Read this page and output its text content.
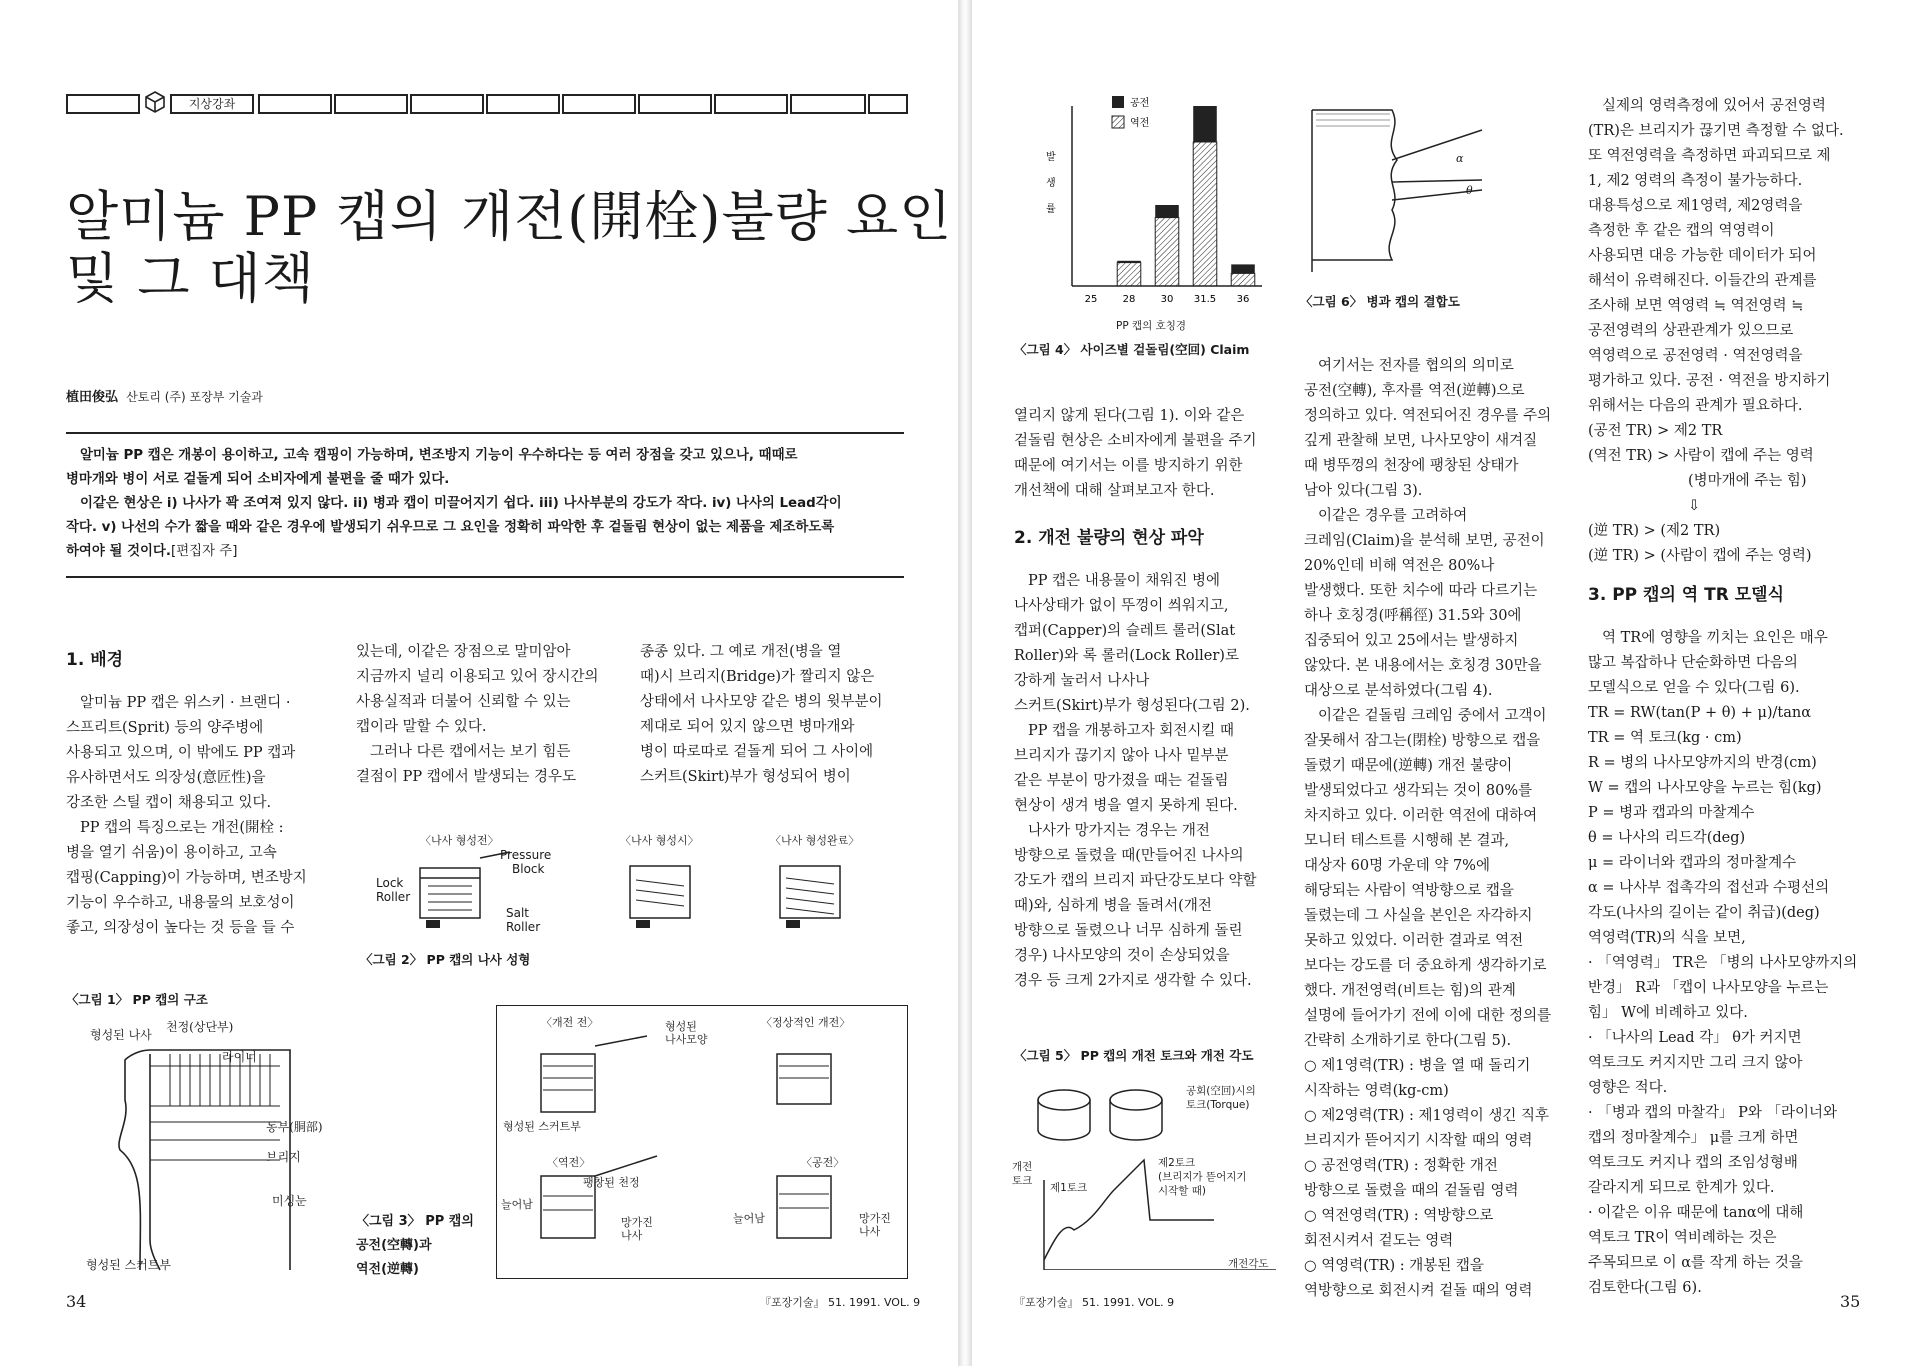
지상강좌
알미늄 PP 캡의 개전(開栓)불량 요인
및 그 대책
植田俊弘 산토리 (주) 포장부 기술과
알미늄 PP 캡은 개봉이 용이하고, 고속 캡핑이 가능하며, 변조방지 기능이 우수하다는 등 여러 장점을 갖고 있으나, 때때로
병마개와 병이 서로 겉돌게 되어 소비자에게 불편을 줄 때가 있다.
이같은 현상은 i) 나사가 꽉 조여져 있지 않다. ii) 병과 캡이 미끌어지기 쉽다. iii) 나사부분의 강도가 작다. iv) 나사의 Lead각이
작다. v) 나선의 수가 짧을 때와 같은 경우에 발생되기 쉬우므로 그 요인을 정확히 파악한 후 겉돌림 현상이 없는 제품을 제조하도록
하여야 될 것이다.[편집자 주]
1. 배경
알미늄 PP 캡은 위스키 · 브랜디 ·
스프리트(Sprit) 등의 양주병에
사용되고 있으며, 이 밖에도 PP 캡과
유사하면서도 의장성(意匠性)을
강조한 스틸 캡이 채용되고 있다.
PP 캡의 특징으로는 개전(開栓 :
병을 열기 쉬움)이 용이하고, 고속
캡핑(Capping)이 가능하며, 변조방지
기능이 우수하고, 내용물의 보호성이
좋고, 의장성이 높다는 것 등을 들 수
있는데, 이같은 장점으로 말미암아
지금까지 널리 이용되고 있어 장시간의
사용실적과 더불어 신뢰할 수 있는
캡이라 말할 수 있다.
그러나 다른 캡에서는 보기 힘든
결점이 PP 캡에서 발생되는 경우도
종종 있다. 그 예로 개전(병을 열
때)시 브리지(Bridge)가 짤리지 않은
상태에서 나사모양 같은 병의 윗부분이
제대로 되어 있지 않으면 병마개와
병이 따로따로 겉돌게 되어 그 사이에
스커트(Skirt)부가 형성되어 병이
〈나사 형성전〉	〈나사 형성시〉	〈나사 형성완료〉
Pressure
Block
Lock
Roller
Salt
Roller
〈그림 2〉 PP 캡의 나사 성형
〈그림 1〉 PP 캡의 구조
형성된 나사
천정(상단부)
라이너
동부(胴部)
브리지
미싱눈
형성된 스커트부
〈개전 전〉	〈정상적인 개전〉
형성된
나사모양
형성된 스커트부
〈역전〉	〈공전〉
팽창된 천정
늘어남
망가진
나사
늘어남	망가진
나사
〈그림 3〉 PP 캡의
공전(空轉)과
역전(逆轉)
34	『포장기술』 51. 1991. VOL. 9
25	28	30 31.5 36
공전
역전
발
생
률
PP 캡의 호칭경
〈그림 4〉 사이즈별 겉돌림(空回) Claim
α
θ
〈그림 6〉 병과 캡의 결합도
열리지 않게 된다(그림 1). 이와 같은
겉돌림 현상은 소비자에게 불편을 주기
때문에 여기서는 이를 방지하기 위한
개선책에 대해 살펴보고자 한다.
2. 개전 불량의 현상 파악
PP 캡은 내용물이 채워진 병에
나사상태가 없이 뚜껑이 씌워지고,
캡퍼(Capper)의 슬레트 롤러(Slat
Roller)와 록 롤러(Lock Roller)로
강하게 눌러서 나사나
스커트(Skirt)부가 형성된다(그림 2).
PP 캡을 개봉하고자 회전시킬 때
브리지가 끊기지 않아 나사 밑부분
같은 부분이 망가졌을 때는 겉돌림
현상이 생겨 병을 열지 못하게 된다.
나사가 망가지는 경우는 개전
방향으로 돌렸을 때(만들어진 나사의
강도가 캡의 브리지 파단강도보다 약할
때)와, 심하게 병을 돌려서(개전
방향으로 돌렸으나 너무 심하게 돌린
경우) 나사모양의 것이 손상되었을
경우 등 크게 2가지로 생각할 수 있다.
여기서는 전자를 협의의 의미로
공전(空轉), 후자를 역전(逆轉)으로
정의하고 있다. 역전되어진 경우를 주의
깊게 관찰해 보면, 나사모양이 새겨질
때 병뚜껑의 천장에 팽창된 상태가
남아 있다(그림 3).
이같은 경우를 고려하여
크레임(Claim)을 분석해 보면, 공전이
20%인데 비해 역전은 80%나
발생했다. 또한 치수에 따라 다르기는
하나 호칭경(呼稱徑) 31.5와 30에
집중되어 있고 25에서는 발생하지
않았다. 본 내용에서는 호칭경 30만을
대상으로 분석하였다(그림 4).
이같은 겉돌림 크레임 중에서 고객이
잘못해서 잠그는(閉栓) 방향으로 캡을
돌렸기 때문에(逆轉) 개전 불량이
발생되었다고 생각되는 것이 80%를
차지하고 있다. 이러한 역전에 대하여
모니터 테스트를 시행해 본 결과,
대상자 60명 가운데 약 7%에
해당되는 사람이 역방향으로 캡을
돌렸는데 그 사실을 본인은 자각하지
못하고 있었다. 이러한 결과로 역전
보다는 강도를 더 중요하게 생각하기로
했다. 개전영력(비트는 힘)의 관계
설명에 들어가기 전에 이에 대한 정의를
간략히 소개하기로 한다(그림 5).
○ 제1영력(TR) : 병을 열 때 돌리기
시작하는 영력(kg-cm)
○ 제2영력(TR) : 제1영력이 생긴 직후
브리지가 뜯어지기 시작할 때의 영력
○ 공전영력(TR) : 정확한 개전
방향으로 돌렸을 때의 겉돌림 영력
○ 역전영력(TR) : 역방향으로
회전시켜서 겉도는 영력
○ 역영력(TR) : 개봉된 캡을
역방향으로 회전시켜 겉돌 때의 영력
〈그림 5〉 PP 캡의 개전 토크와 개전 각도
공회(空回)시의
토크(Torque)
개전
토크
제1토크
제2토크
(브리지가 뜯어지기
시작할 때)
개전각도
실제의 영력측정에 있어서 공전영력
(TR)은 브리지가 끊기면 측정할 수 없다.
또 역전영력을 측정하면 파괴되므로 제
1, 제2 영력의 측정이 불가능하다.
대용특성으로 제1영력, 제2영력을
측정한 후 같은 캡의 역영력이
사용되면 대응 가능한 데이터가 되어
해석이 유력해진다. 이들간의 관계를
조사해 보면 역영력 ≒ 역전영력 ≒
공전영력의 상관관계가 있으므로
역영력으로 공전영력 · 역전영력을
평가하고 있다. 공전 · 역전을 방지하기
위해서는 다음의 관계가 필요하다.
(공전 TR) > 제2 TR
(역전 TR) > 사람이 캡에 주는 영력
(병마개에 주는 힘)
⇩
(逆 TR) > (제2 TR)
(逆 TR) > (사람이 캡에 주는 영력)
3. PP 캡의 역 TR 모델식
역 TR에 영향을 끼치는 요인은 매우
많고 복잡하나 단순화하면 다음의
모델식으로 얻을 수 있다(그림 6).
TR = RW(tan(P + θ) + μ)/tanα
TR = 역 토크(kg · cm)
R = 병의 나사모양까지의 반경(cm)
W = 캡의 나사모양을 누르는 힘(kg)
P = 병과 캡과의 마찰계수
θ = 나사의 리드각(deg)
μ = 라이너와 캡과의 정마찰계수
α = 나사부 접촉각의 접선과 수평선의
각도(나사의 길이는 같이 취급)(deg)
역영력(TR)의 식을 보면,
· 「역영력」 TR은 「병의 나사모양까지의
반경」 R과 「캡이 나사모양을 누르는
힘」 W에 비례하고 있다.
· 「나사의 Lead 각」 θ가 커지면
역토크도 커지지만 그리 크지 않아
영향은 적다.
· 「병과 캡의 마찰각」 P와 「라이너와
캡의 정마찰계수」 μ를 크게 하면
역토크도 커지나 캡의 조임성형배
갈라지게 되므로 한계가 있다.
· 이같은 이유 때문에 tanα에 대해
역토크 TR이 역비례하는 것은
주목되므로 이 α를 작게 하는 것을
검토한다(그림 6).
『포장기술』 51. 1991. VOL. 9	35
